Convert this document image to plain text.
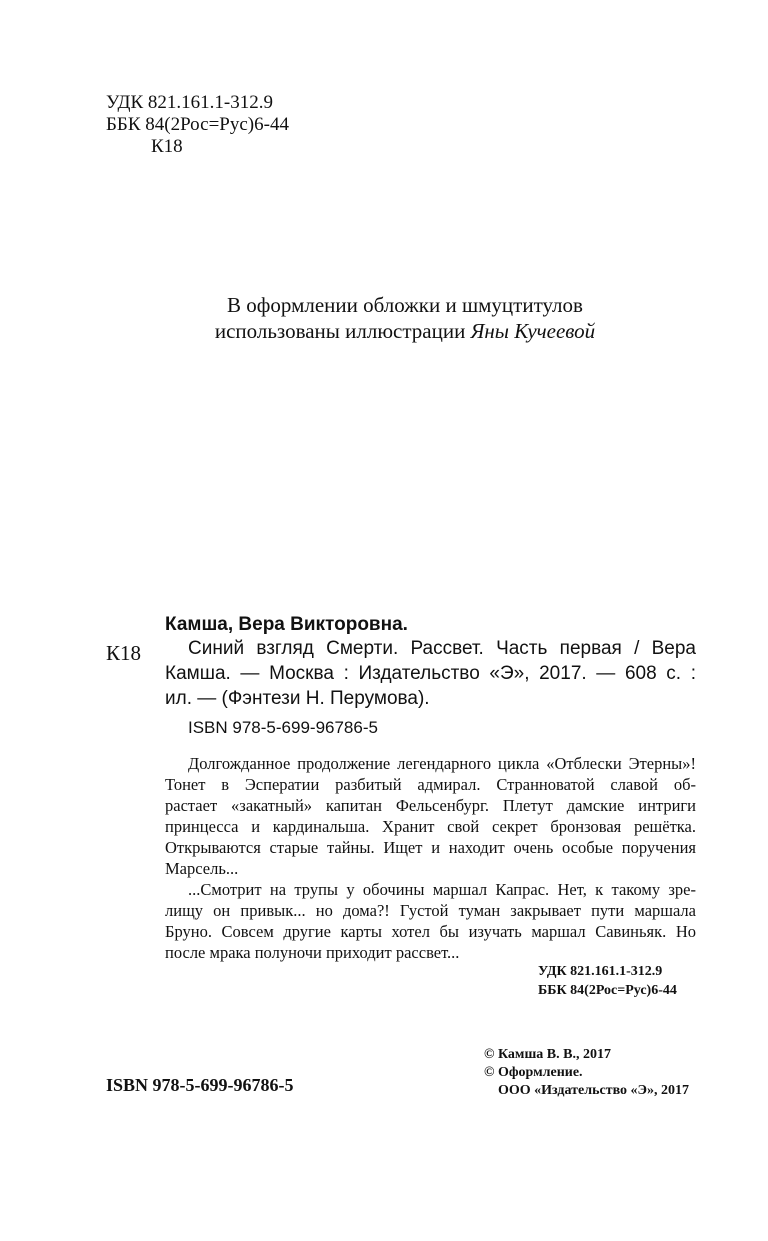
УДК 821.161.1-312.9
ББК 84(2Рос=Рус)6-44
К18
В оформлении обложки и шмуцтитулов
использованы иллюстрации Яны Кучеевой
Камша, Вера Викторовна.
К18 Синий взгляд Смерти. Рассвет. Часть первая / Вера
Камша. — Москва : Издательство «Э», 2017. — 608 с. :
ил. — (Фэнтези Н. Перумова).
ISBN 978-5-699-96786-5
Долгожданное продолжение легендарного цикла «Отблески Этерны»!
Тонет в Эсператии разбитый адмирал. Странноватой славой об-
растает «закатный» капитан Фельсенбург. Плетут дамские интриги
принцесса и кардинальша. Хранит свой секрет бронзовая решётка.
Открываются старые тайны. Ищет и находит очень особые поручения
Марсель...
...Смотрит на трупы у обочины маршал Капрас. Нет, к такому зре-
лищу он привык... но дома?! Густой туман закрывает пути маршала
Бруно. Совсем другие карты хотел бы изучать маршал Савиньяк. Но
после мрака полуночи приходит рассвет...
УДК 821.161.1-312.9
ББК 84(2Рос=Рус)6-44
ISBN 978-5-699-96786-5
© Камша В. В., 2017
© Оформление.
ООО «Издательство «Э», 2017
